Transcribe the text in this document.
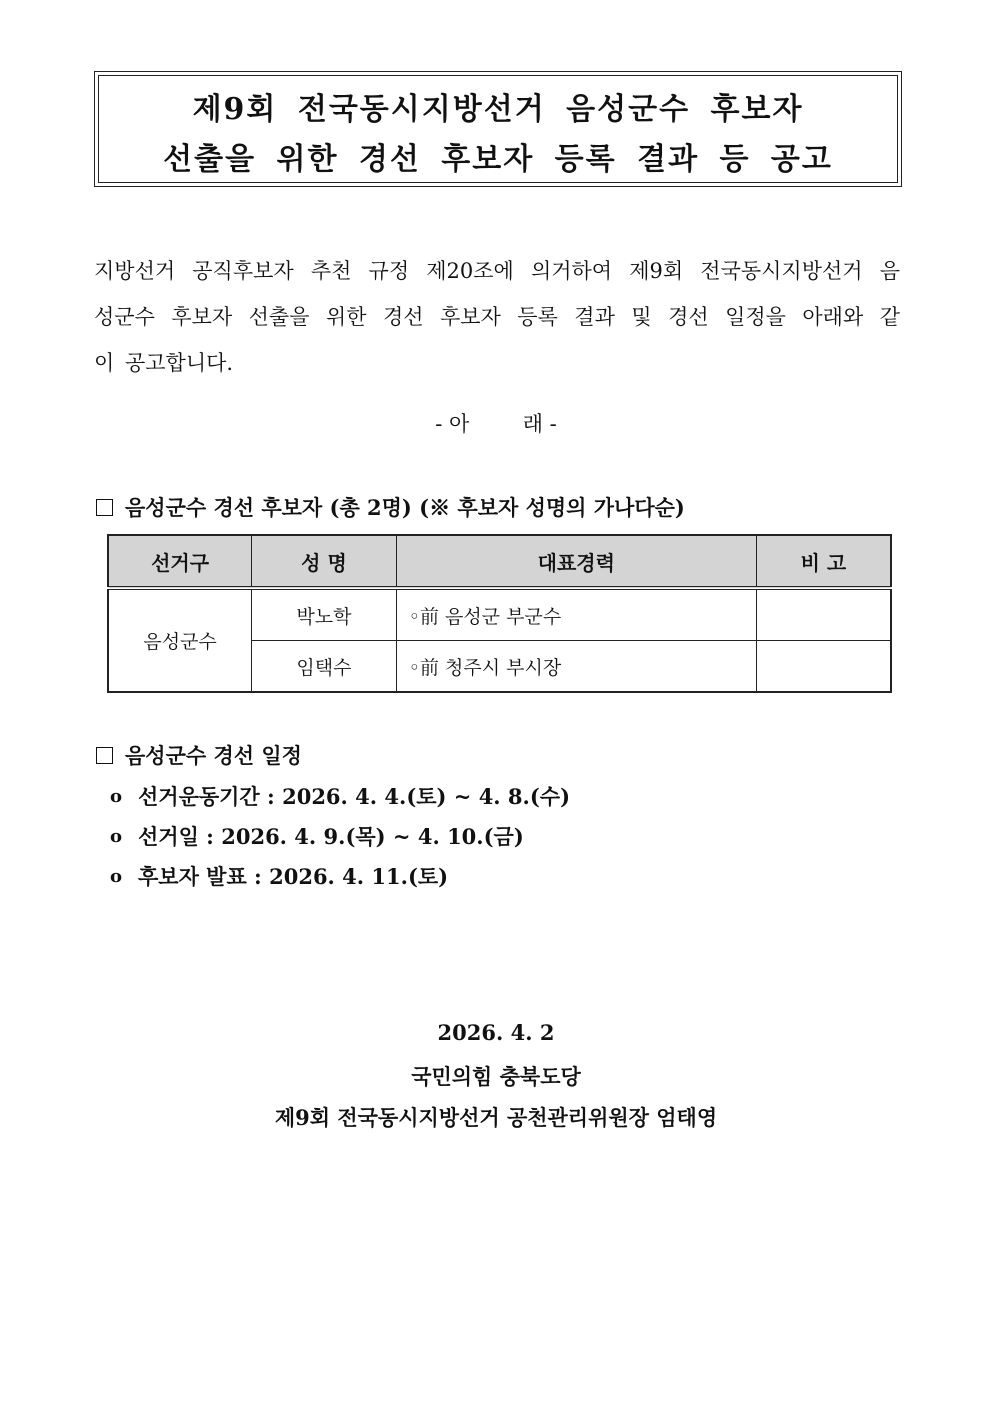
제9회 전국동시지방선거 음성군수 후보자
선출을 위한 경선 후보자 등록 결과 등 공고
지방선거 공직후보자 추천 규정 제20조에 의거하여 제9회 전국동시지방선거 음
성군수 후보자 선출을 위한 경선 후보자 등록 결과 및 경선 일정을 아래와 같
이 공고합니다.
- 아        래 -
음성군수 경선 후보자 (총 2명) (※ 후보자 성명의 가나다순)
선거구	성 명	대표경력	비 고
음성군수	박노학	◦前 음성군 부군수	
	임택수	◦前 청주시 부시장	
음성군수 경선 일정
o 선거운동기간 : 2026. 4. 4.(토) ~ 4. 8.(수)
o 선거일 : 2026. 4. 9.(목) ~ 4. 10.(금)
o 후보자 발표 : 2026. 4. 11.(토)
2026. 4. 2
국민의힘 충북도당
제9회 전국동시지방선거 공천관리위원장 엄태영
